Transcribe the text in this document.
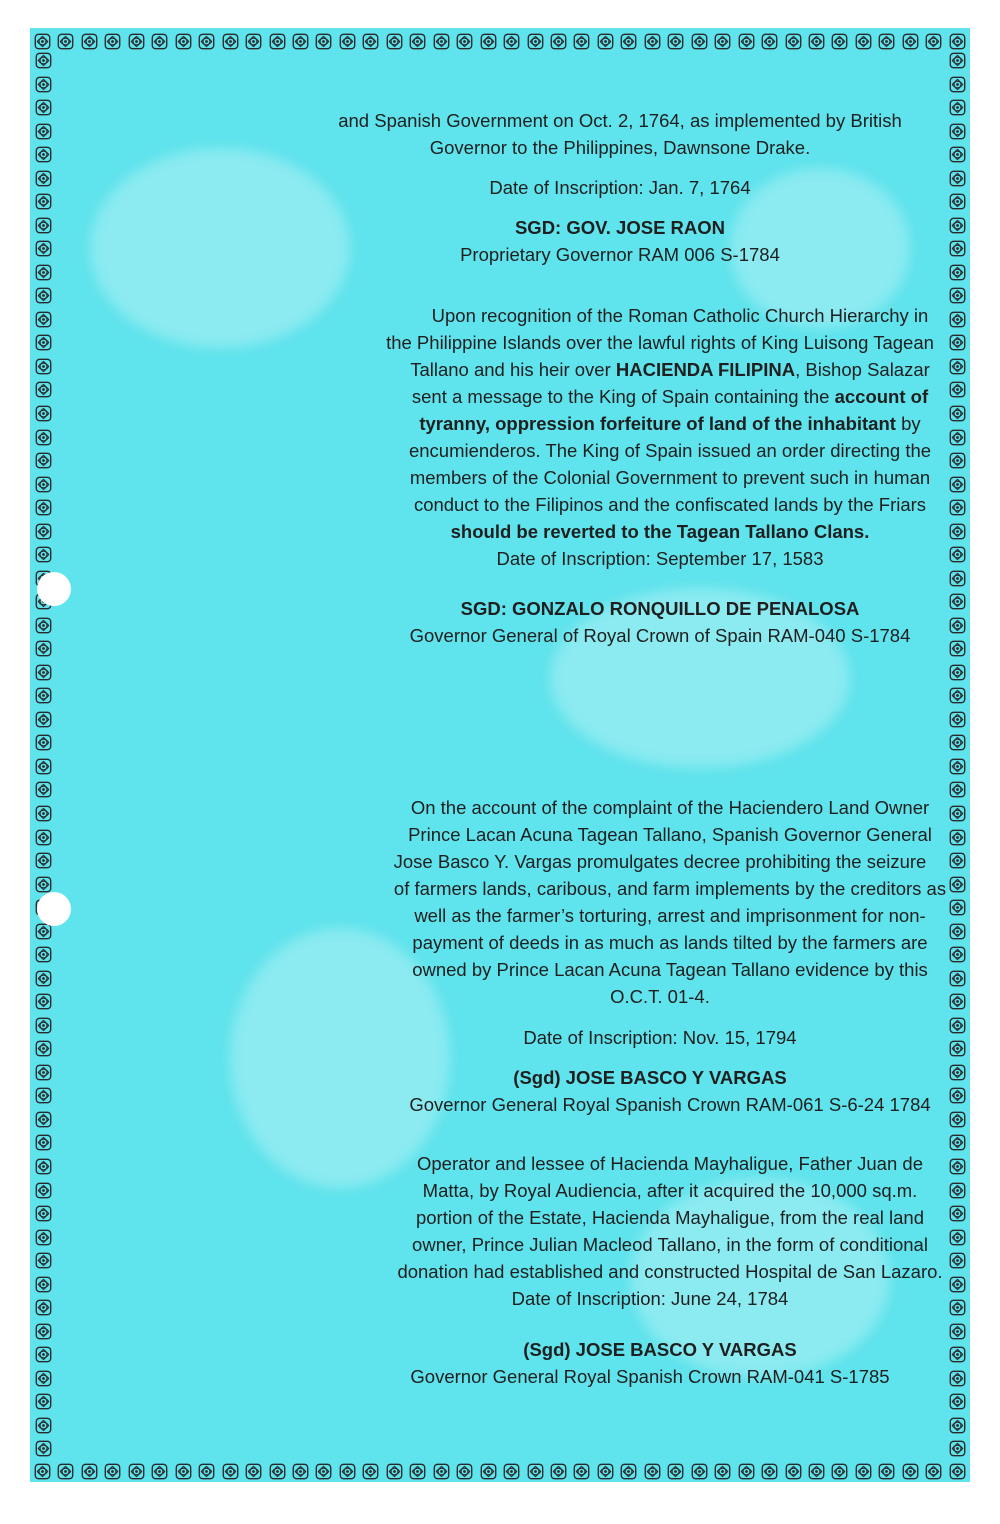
and Spanish Government on Oct. 2, 1764, as implemented by British
Governor to the Philippines, Dawnsone Drake.
Date of Inscription: Jan. 7, 1764
SGD: GOV. JOSE RAON
Proprietary Governor RAM 006 S-1784
Upon recognition of the Roman Catholic Church Hierarchy in
the Philippine Islands over the lawful rights of King Luisong Tagean
Tallano and his heir over HACIENDA FILIPINA, Bishop Salazar
sent a message to the King of Spain containing the account of
tyranny, oppression forfeiture of land of the inhabitant by
encumienderos. The King of Spain issued an order directing the
members of the Colonial Government to prevent such in human
conduct to the Filipinos and the confiscated lands by the Friars
should be reverted to the Tagean Tallano Clans.
Date of Inscription: September 17, 1583
SGD: GONZALO RONQUILLO DE PENALOSA
Governor General of Royal Crown of Spain RAM-040 S-1784
On the account of the complaint of the Haciendero Land Owner
Prince Lacan Acuna Tagean Tallano, Spanish Governor General
Jose Basco Y. Vargas promulgates decree prohibiting the seizure
of farmers lands, caribous, and farm implements by the creditors as
well as the farmer’s torturing, arrest and imprisonment for non-
payment of deeds in as much as lands tilted by the farmers are
owned by Prince Lacan Acuna Tagean Tallano evidence by this
O.C.T. 01-4.
Date of Inscription: Nov. 15, 1794
(Sgd) JOSE BASCO Y VARGAS
Governor General Royal Spanish Crown RAM-061 S-6-24 1784
Operator and lessee of Hacienda Mayhaligue, Father Juan de
Matta, by Royal Audiencia, after it acquired the 10,000 sq.m.
portion of the Estate, Hacienda Mayhaligue, from the real land
owner, Prince Julian Macleod Tallano, in the form of conditional
donation had established and constructed Hospital de San Lazaro.
Date of Inscription: June 24, 1784
(Sgd) JOSE BASCO Y VARGAS
Governor General Royal Spanish Crown RAM-041 S-1785
